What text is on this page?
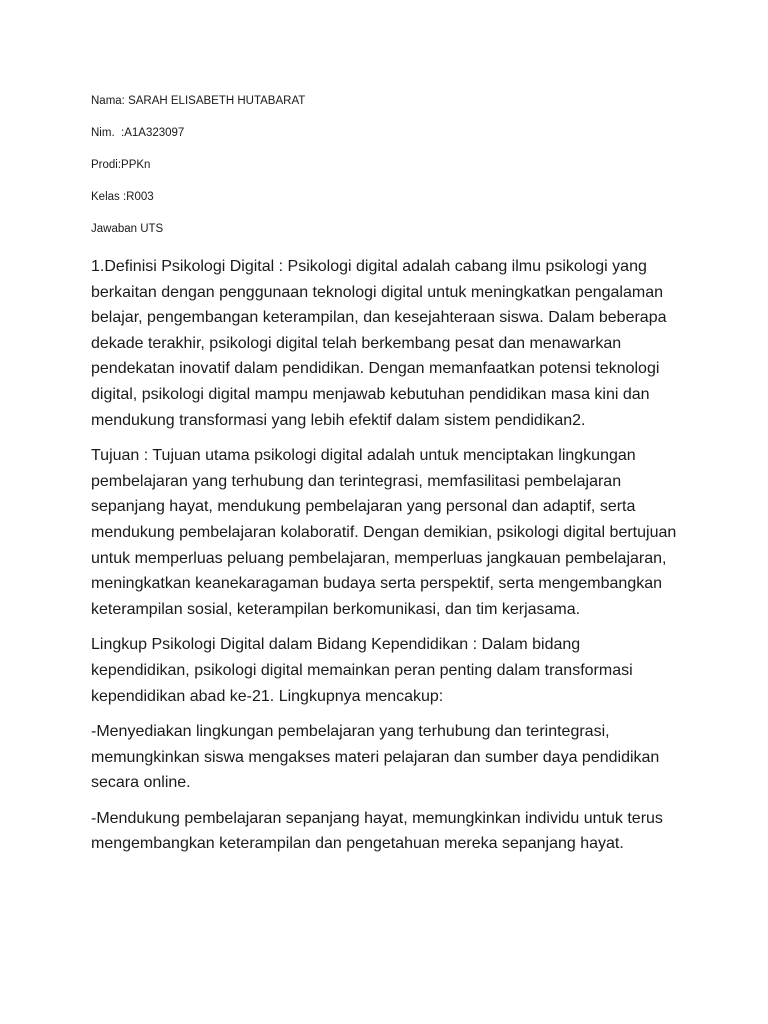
Nama: SARAH ELISABETH HUTABARAT

Nim.  :A1A323097

Prodi:PPKn

Kelas :R003

Jawaban UTS

1.Definisi Psikologi Digital : Psikologi digital adalah cabang ilmu psikologi yang berkaitan dengan penggunaan teknologi digital untuk meningkatkan pengalaman belajar, pengembangan keterampilan, dan kesejahteraan siswa. Dalam beberapa dekade terakhir, psikologi digital telah berkembang pesat dan menawarkan pendekatan inovatif dalam pendidikan. Dengan memanfaatkan potensi teknologi digital, psikologi digital mampu menjawab kebutuhan pendidikan masa kini dan mendukung transformasi yang lebih efektif dalam sistem pendidikan2.

Tujuan : Tujuan utama psikologi digital adalah untuk menciptakan lingkungan pembelajaran yang terhubung dan terintegrasi, memfasilitasi pembelajaran sepanjang hayat, mendukung pembelajaran yang personal dan adaptif, serta mendukung pembelajaran kolaboratif. Dengan demikian, psikologi digital bertujuan untuk memperluas peluang pembelajaran, memperluas jangkauan pembelajaran, meningkatkan keanekaragaman budaya serta perspektif, serta mengembangkan keterampilan sosial, keterampilan berkomunikasi, dan tim kerjasama.

Lingkup Psikologi Digital dalam Bidang Kependidikan : Dalam bidang kependidikan, psikologi digital memainkan peran penting dalam transformasi kependidikan abad ke-21. Lingkupnya mencakup:

-Menyediakan lingkungan pembelajaran yang terhubung dan terintegrasi, memungkinkan siswa mengakses materi pelajaran dan sumber daya pendidikan secara online.

-Mendukung pembelajaran sepanjang hayat, memungkinkan individu untuk terus mengembangkan keterampilan dan pengetahuan mereka sepanjang hayat.
